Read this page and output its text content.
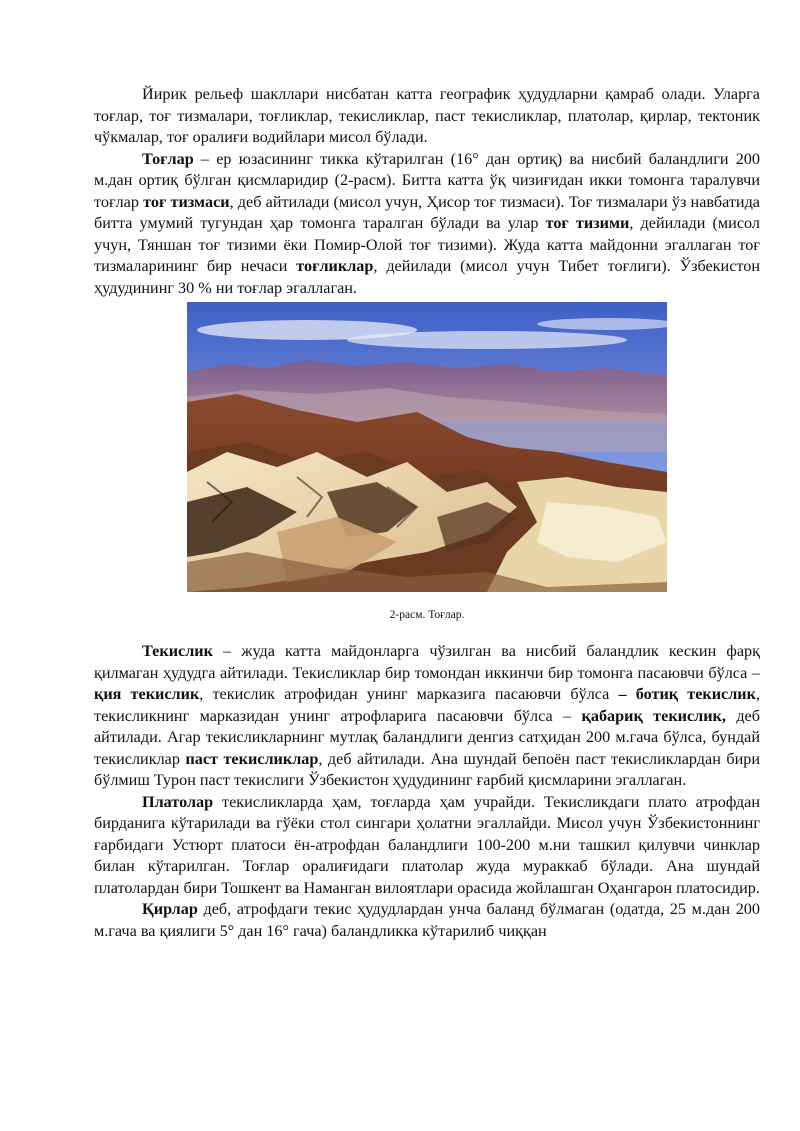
Йирик рельеф шакллари нисбатан катта географик ҳудудларни қамраб олади. Уларга тоғлар, тоғ тизмалари, тоғликлар, текисликлар, паст текисликлар, платолар, қирлар, тектоник чўкмалар, тоғ оралиғи водийлари мисол бўлади.

Тоғлар – ер юзасининг тикка кўтарилган (16° дан ортиқ) ва нисбий баландлиги 200 м.дан ортиқ бўлган қисмларидир (2-расм). Битта катта ўқ чизиғидан икки томонга таралувчи тоғлар тоғ тизмаси, деб айтилади (мисол учун, Ҳисор тоғ тизмаси). Тоғ тизмалари ўз навбатида битта умумий тугундан ҳар томонга таралган бўлади ва улар тоғ тизими, дейилади (мисол учун, Тяншан тоғ тизими ёки Помир-Олой тоғ тизими). Жуда катта майдонни эгаллаган тоғ тизмаларининг бир нечаси тоғликлар, дейилади (мисол учун Тибет тоғлиги). Ўзбекистон ҳудудининг 30 % ни тоғлар эгаллаган.

2-расм. Тоғлар.

Текислик – жуда катта майдонларга чўзилган ва нисбий баландлик кескин фарқ қилмаган ҳудудга айтилади. Текисликлар бир томондан иккинчи бир томонга пасаювчи бўлса – қия текислик, текислик атрофидан унинг марказига пасаювчи бўлса – ботиқ текислик, текисликнинг марказидан унинг атрофларига пасаювчи бўлса – қабариқ текислик, деб айтилади. Агар текисликларнинг мутлақ баландлиги денгиз сатҳидан 200 м.гача бўлса, бундай текисликлар паст текисликлар, деб айтилади. Ана шундай бепоён паст текисликлардан бири бўлмиш Турон паст текислиги Ўзбекистон ҳудудининг ғарбий қисмларини эгаллаган.

Платолар текисликларда ҳам, тоғларда ҳам учрайди. Текисликдаги плато атрофдан бирданига кўтарилади ва гўёки стол сингари ҳолатни эгаллайди. Мисол учун Ўзбекистоннинг ғарбидаги Устюрт платоси ён-атрофдан баландлиги 100-200 м.ни ташкил қилувчи чинклар билан кўтарилган. Тоғлар оралиғидаги платолар жуда мураккаб бўлади. Ана шундай платолардан бири Тошкент ва Наманган вилоятлари орасида жойлашган Оҳангарон платосидир.

Қирлар деб, атрофдаги текис ҳудудлардан унча баланд бўлмаган (одатда, 25 м.дан 200 м.гача ва қиялиги 5° дан 16° гача) баландликка кўтарилиб чиққан
